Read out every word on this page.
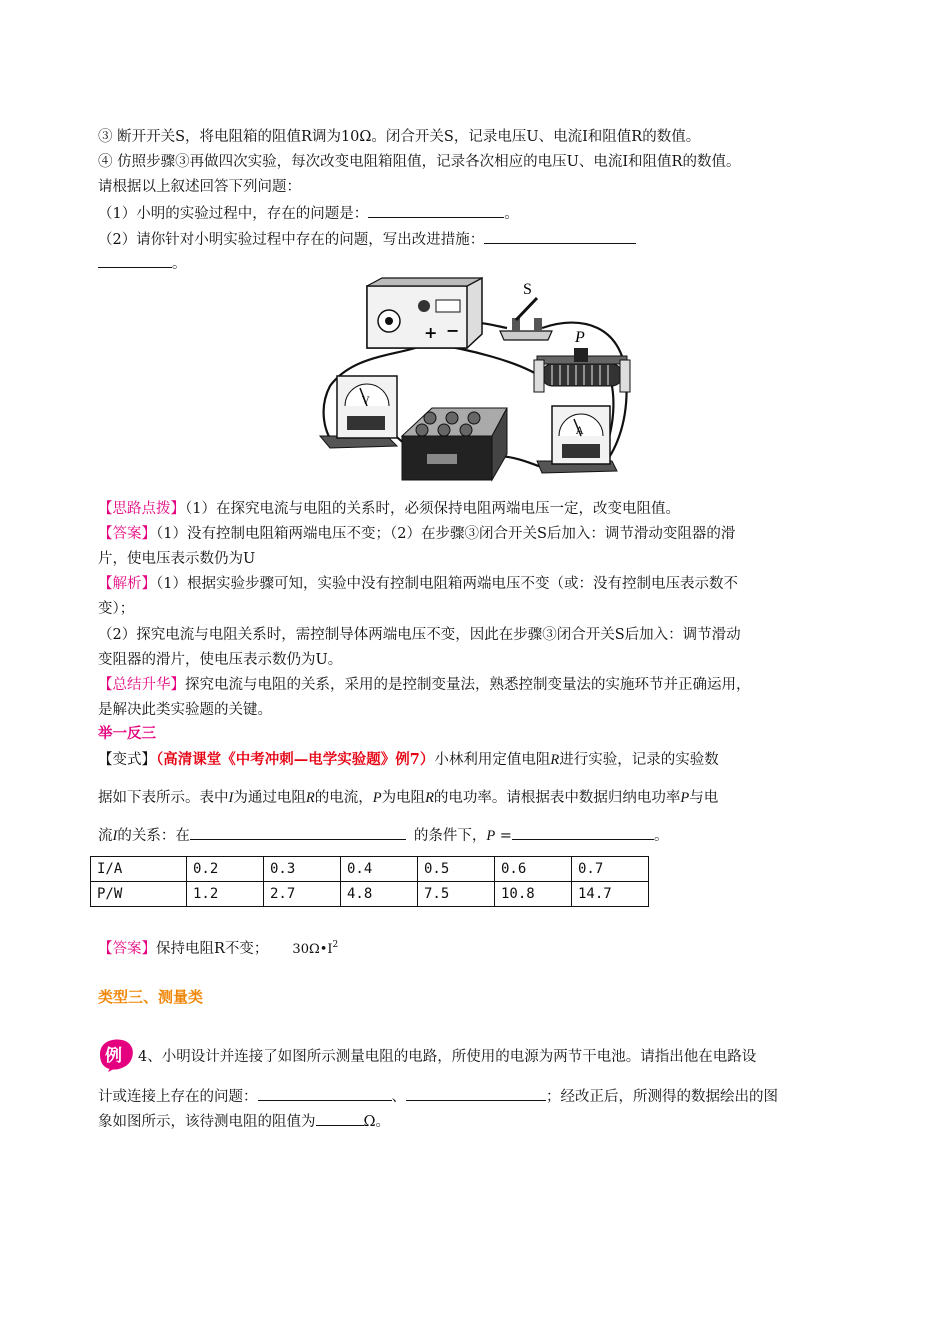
③ 断开开关S，将电阻箱的阻值R调为10Ω。闭合开关S，记录电压U、电流I和阻值R的数值。
④ 仿照步骤③再做四次实验，每次改变电阻箱阻值，记录各次相应的电压U、电流I和阻值R的数值。
请根据以上叙述回答下列问题：
（1）小明的实验过程中，存在的问题是：	。
（2）请你针对小明实验过程中存在的问题，写出改进措施：
。
+ −
S
P
V
A
【思路点拨】（1）在探究电流与电阻的关系时，必须保持电阻两端电压一定，改变电阻值。
【答案】（1）没有控制电阻箱两端电压不变；（2）在步骤③闭合开关S后加入：调节滑动变阻器的滑
片，使电压表示数仍为U
【解析】（1）根据实验步骤可知，实验中没有控制电阻箱两端电压不变（或：没有控制电压表示数不
变）；
（2）探究电流与电阻关系时，需控制导体两端电压不变，因此在步骤③闭合开关S后加入：调节滑动
变阻器的滑片，使电压表示数仍为U。
【总结升华】探究电流与电阻的关系，采用的是控制变量法，熟悉控制变量法的实施环节并正确运用，
是解决此类实验题的关键。
举一反三
【变式】（高清课堂《中考冲刺—电学实验题》例7）小林利用定值电阻R进行实验，记录的实验数
据如下表所示。表中I为通过电阻R的电流，P为电阻R的电功率。请根据表中数据归纳电功率P与电
流I的关系：在	的条件下，P =	。
I/A	0.2	0.3	0.4	0.5	0.6	0.7
P/W	1.2	2.7	4.8	7.5	10.8	14.7
【答案】保持电阻R不变； $30\Omega•I^2$
类型三、测量类
例 4、小明设计并连接了如图所示测量电阻的电路，所使用的电源为两节干电池。请指出他在电路设
计或连接上存在的问题：	、	；经改正后，所测得的数据绘出的图
象如图所示，该待测电阻的阻值为	Ω。
